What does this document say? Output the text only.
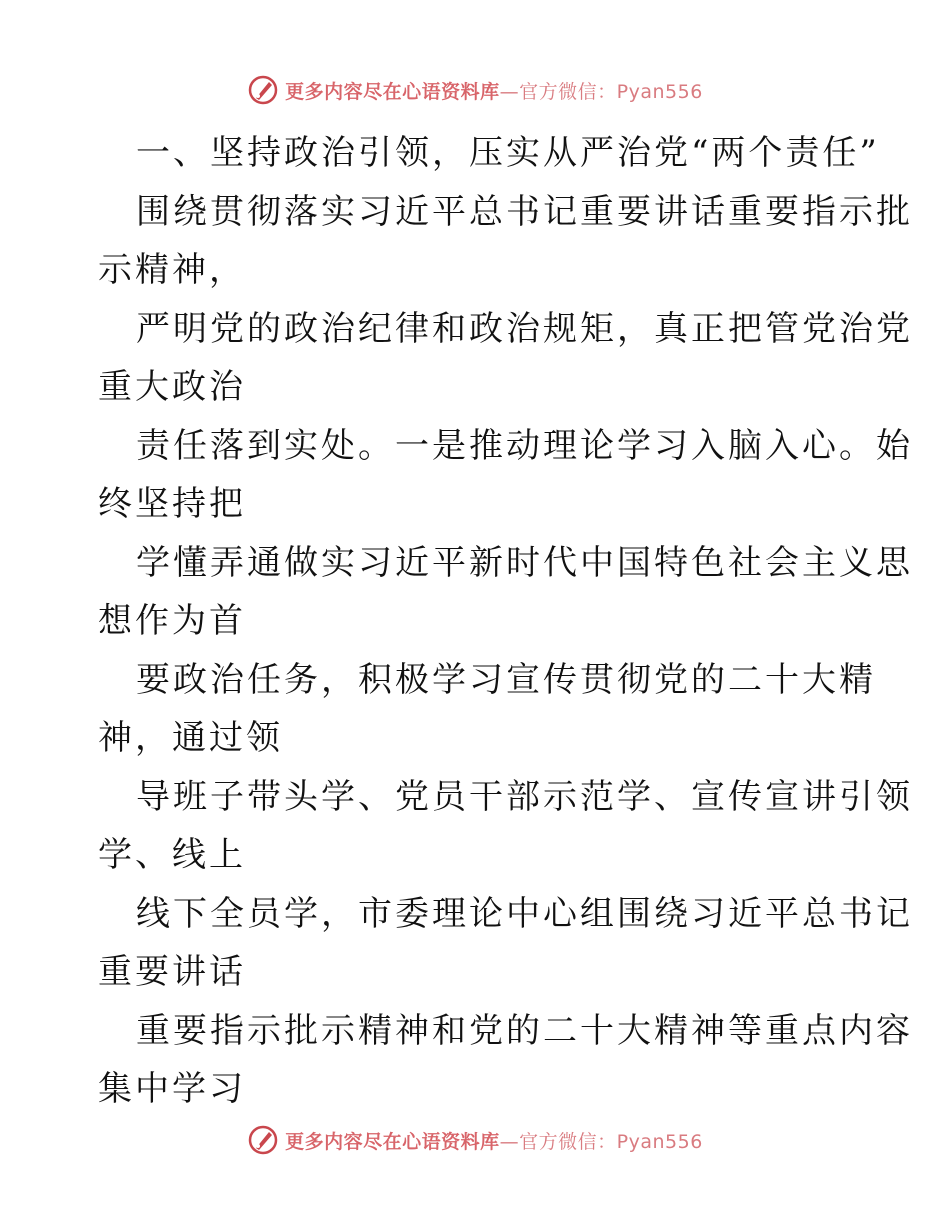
更多内容尽在心语资料库—官方微信：Pyan556
一、坚持政治引领，压实从严治党“两个责任”
围绕贯彻落实习近平总书记重要讲话重要指示批
示精神，
严明党的政治纪律和政治规矩，真正把管党治党
重大政治
责任落到实处。一是推动理论学习入脑入心。始
终坚持把
学懂弄通做实习近平新时代中国特色社会主义思
想作为首
要政治任务，积极学习宣传贯彻党的二十大精
神，通过领
导班子带头学、党员干部示范学、宣传宣讲引领
学、线上
线下全员学，市委理论中心组围绕习近平总书记
重要讲话
重要指示批示精神和党的二十大精神等重点内容
集中学习
更多内容尽在心语资料库—官方微信：Pyan556
